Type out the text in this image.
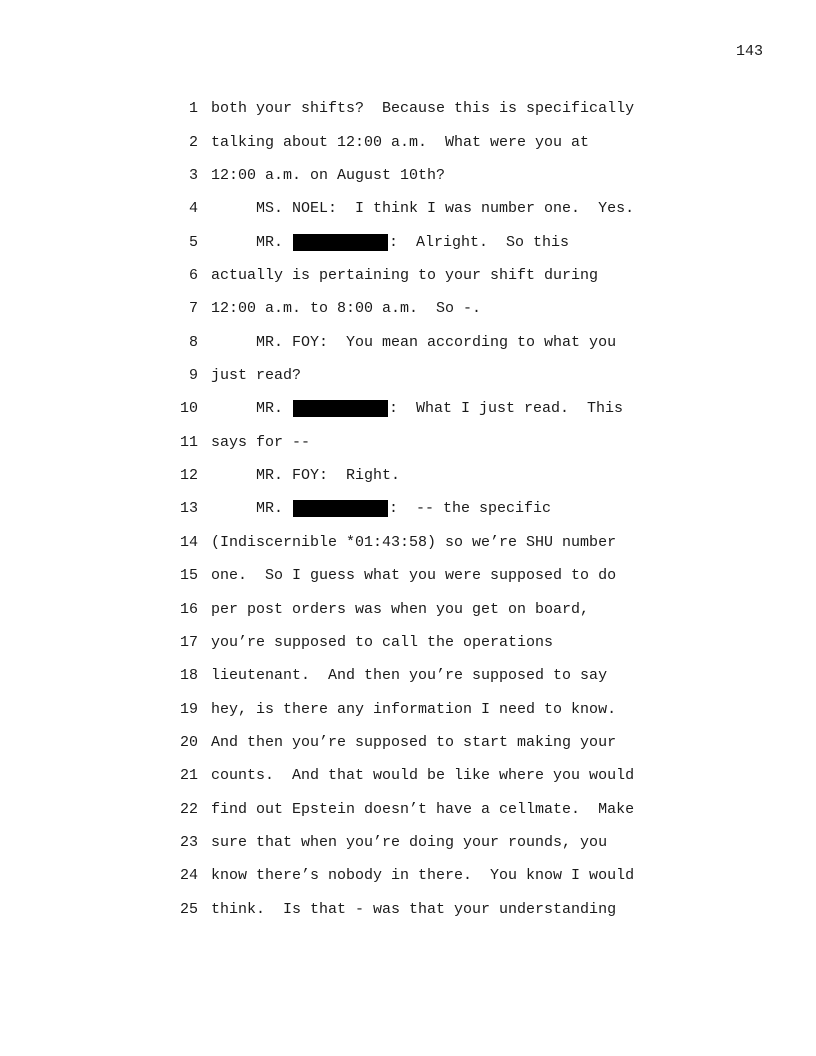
143
1 both your shifts?  Because this is specifically
2 talking about 12:00 a.m.  What were you at
3 12:00 a.m. on August 10th?
4 MS. NOEL:  I think I was number one.  Yes.
5 MR.	:  Alright.  So this
6 actually is pertaining to your shift during
7 12:00 a.m. to 8:00 a.m.  So -.
8 MR. FOY:  You mean according to what you
9 just read?
10 MR.	:  What I just read.  This
11 says for --
12 MR. FOY:  Right.
13 MR.	:  -- the specific
14 (Indiscernible *01:43:58) so we’re SHU number
15 one.  So I guess what you were supposed to do
16 per post orders was when you get on board,
17 you’re supposed to call the operations
18 lieutenant.  And then you’re supposed to say
19 hey, is there any information I need to know.
20 And then you’re supposed to start making your
21 counts.  And that would be like where you would
22 find out Epstein doesn’t have a cellmate.  Make
23 sure that when you’re doing your rounds, you
24 know there’s nobody in there.  You know I would
25 think.  Is that - was that your understanding
